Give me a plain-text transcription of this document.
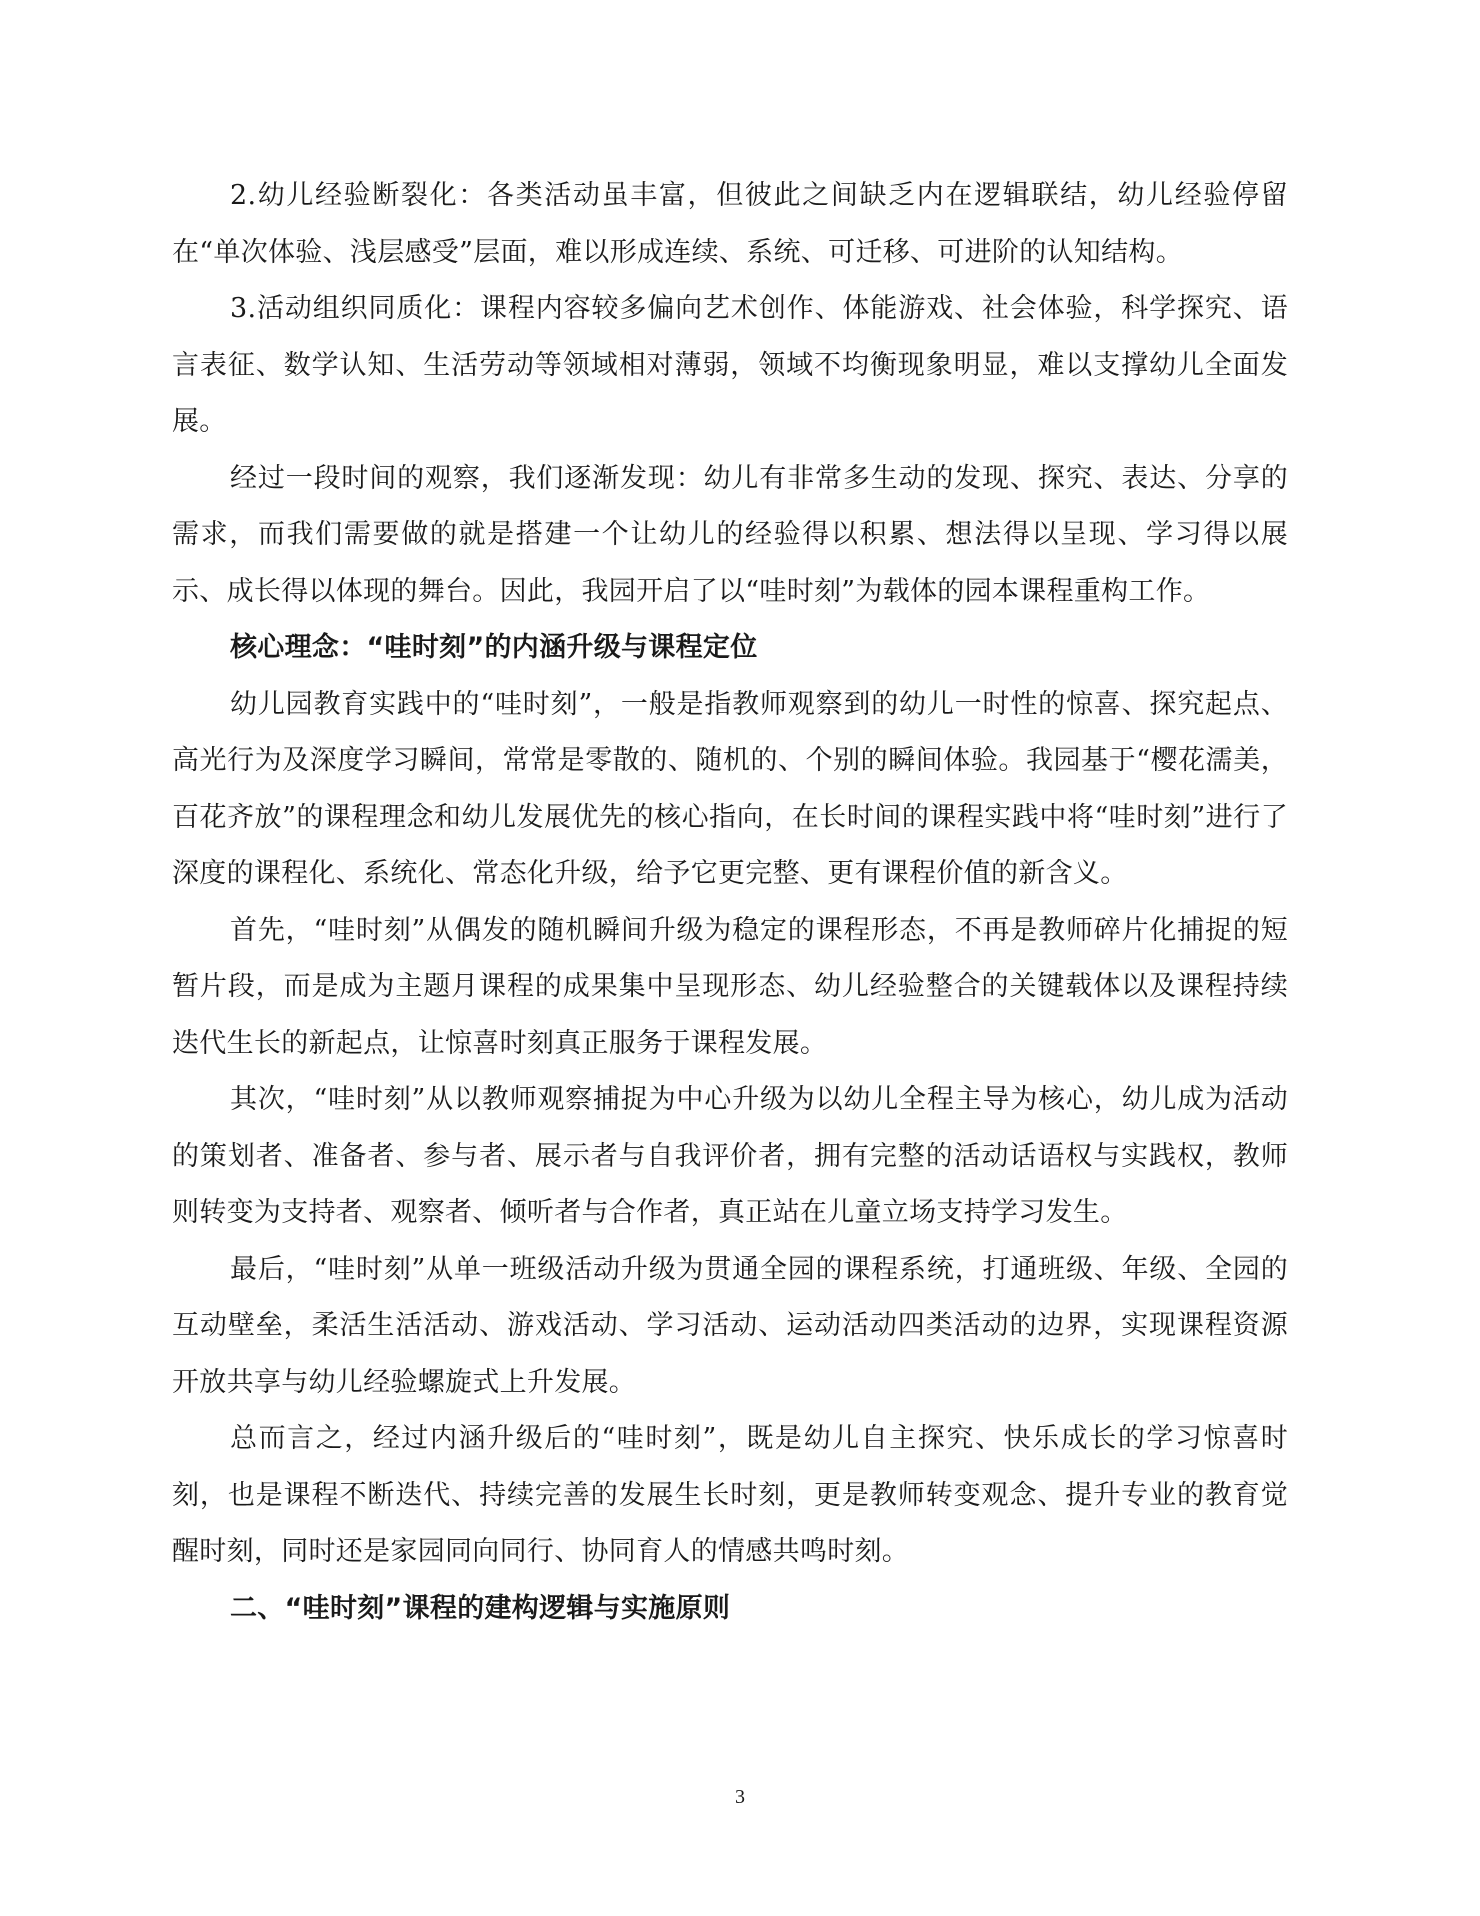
2.幼儿经验断裂化：各类活动虽丰富，但彼此之间缺乏内在逻辑联结，幼儿经验停留在“单次体验、浅层感受”层面，难以形成连续、系统、可迁移、可进阶的认知结构。

3.活动组织同质化：课程内容较多偏向艺术创作、体能游戏、社会体验，科学探究、语言表征、数学认知、生活劳动等领域相对薄弱，领域不均衡现象明显，难以支撑幼儿全面发展。

经过一段时间的观察，我们逐渐发现：幼儿有非常多生动的发现、探究、表达、分享的需求，而我们需要做的就是搭建一个让幼儿的经验得以积累、想法得以呈现、学习得以展示、成长得以体现的舞台。因此，我园开启了以“哇时刻”为载体的园本课程重构工作。

核心理念：“哇时刻”的内涵升级与课程定位

幼儿园教育实践中的“哇时刻”，一般是指教师观察到的幼儿一时性的惊喜、探究起点、高光行为及深度学习瞬间，常常是零散的、随机的、个别的瞬间体验。我园基于“樱花濡美，百花齐放”的课程理念和幼儿发展优先的核心指向，在长时间的课程实践中将“哇时刻”进行了深度的课程化、系统化、常态化升级，给予它更完整、更有课程价值的新含义。

首先，“哇时刻”从偶发的随机瞬间升级为稳定的课程形态，不再是教师碎片化捕捉的短暂片段，而是成为主题月课程的成果集中呈现形态、幼儿经验整合的关键载体以及课程持续迭代生长的新起点，让惊喜时刻真正服务于课程发展。

其次，“哇时刻”从以教师观察捕捉为中心升级为以幼儿全程主导为核心，幼儿成为活动的策划者、准备者、参与者、展示者与自我评价者，拥有完整的活动话语权与实践权，教师则转变为支持者、观察者、倾听者与合作者，真正站在儿童立场支持学习发生。

最后，“哇时刻”从单一班级活动升级为贯通全园的课程系统，打通班级、年级、全园的互动壁垒，柔活生活活动、游戏活动、学习活动、运动活动四类活动的边界，实现课程资源开放共享与幼儿经验螺旋式上升发展。

总而言之，经过内涵升级后的“哇时刻”，既是幼儿自主探究、快乐成长的学习惊喜时刻，也是课程不断迭代、持续完善的发展生长时刻，更是教师转变观念、提升专业的教育觉醒时刻，同时还是家园同向同行、协同育人的情感共鸣时刻。

二、“哇时刻”课程的建构逻辑与实施原则

3
